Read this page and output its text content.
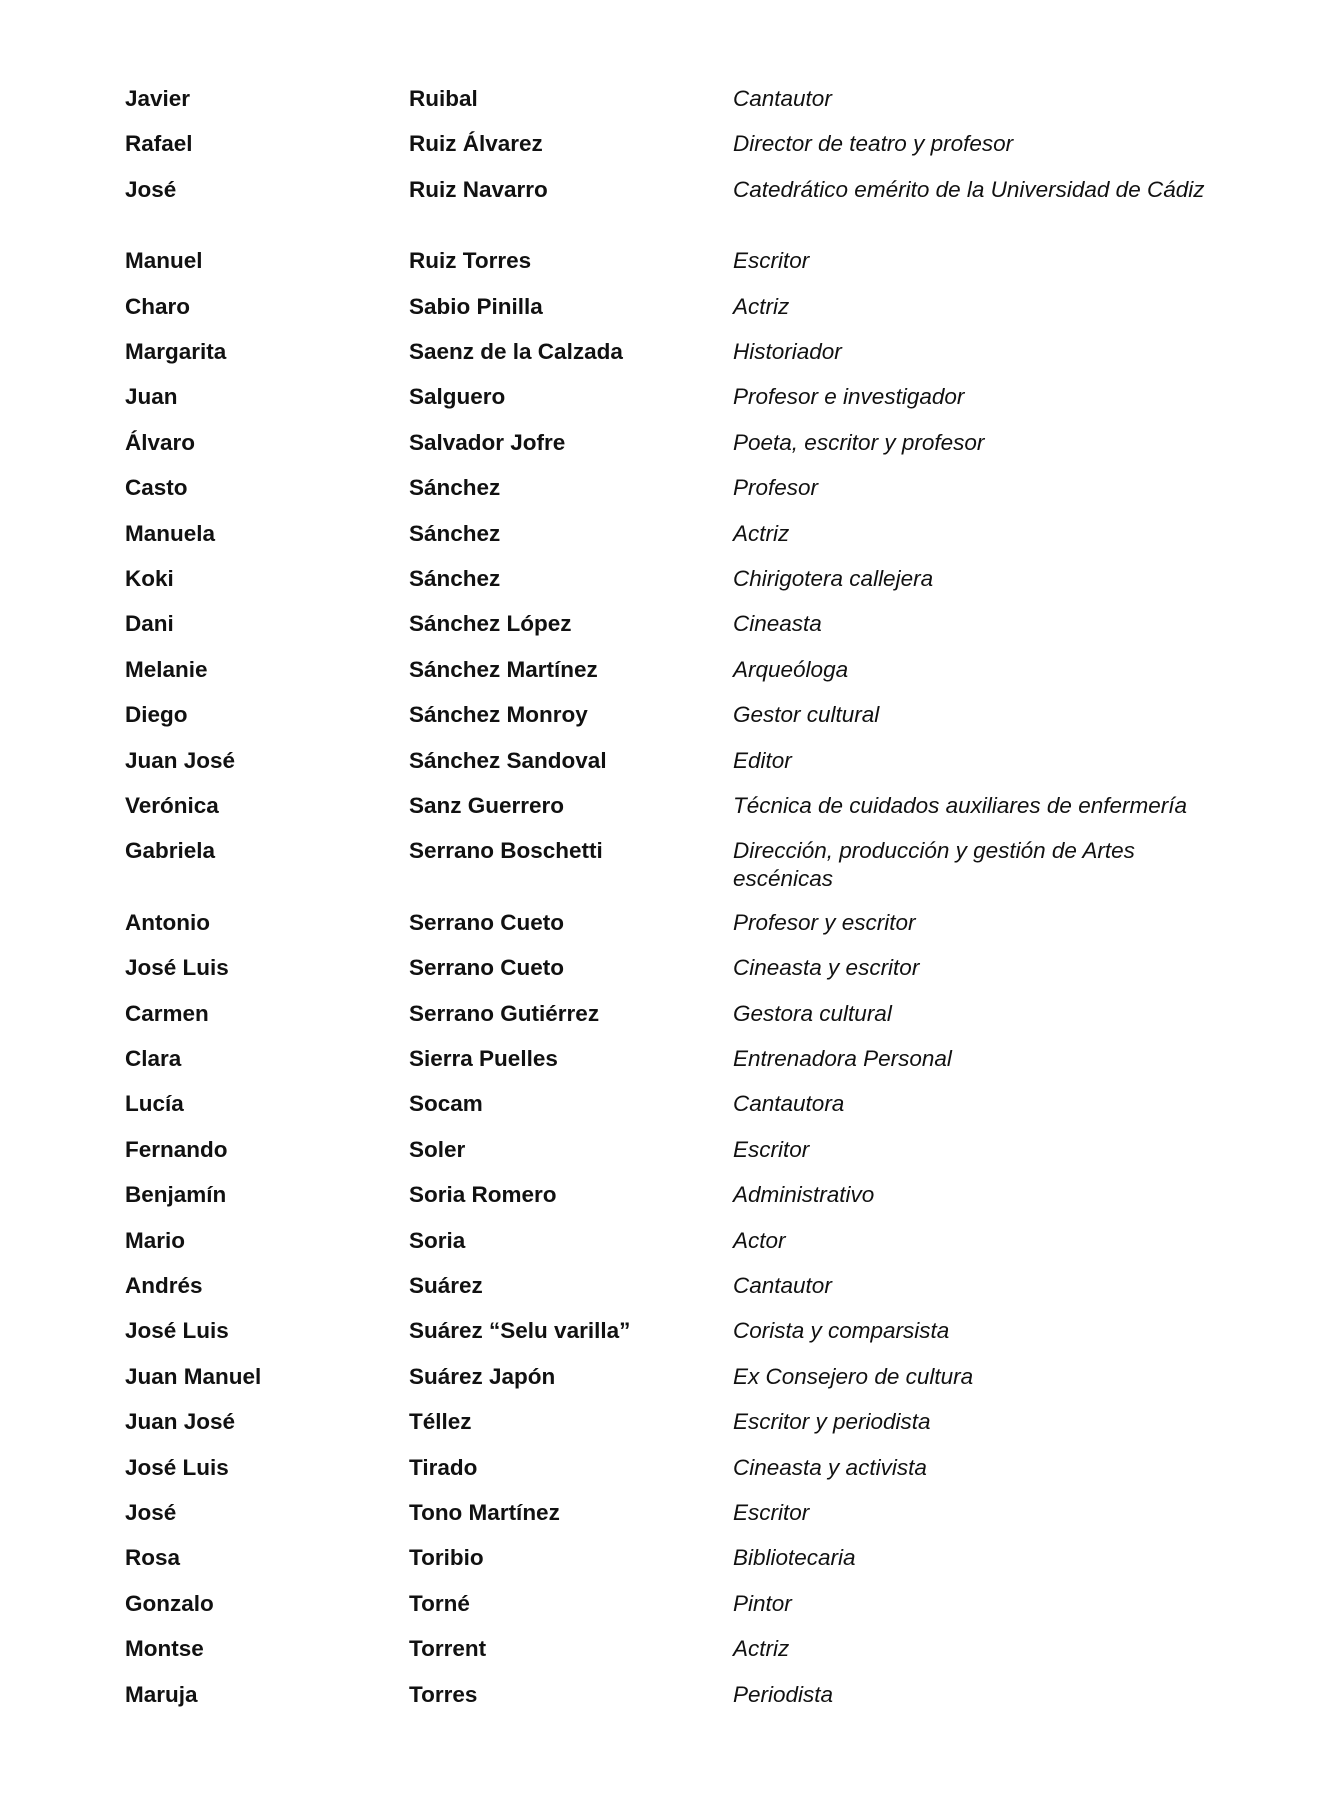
Javier	Ruibal	Cantautor
Rafael	Ruiz Álvarez	Director de teatro y profesor
José	Ruiz Navarro	Catedrático emérito de la Universidad de Cádiz
Manuel	Ruiz Torres	Escritor
Charo	Sabio Pinilla	Actriz
Margarita	Saenz de la Calzada	Historiador
Juan	Salguero	Profesor e investigador
Álvaro	Salvador Jofre	Poeta, escritor y profesor
Casto	Sánchez	Profesor
Manuela	Sánchez	Actriz
Koki	Sánchez	Chirigotera callejera
Dani	Sánchez López	Cineasta
Melanie	Sánchez Martínez	Arqueóloga
Diego	Sánchez Monroy	Gestor cultural
Juan José	Sánchez Sandoval	Editor
Verónica	Sanz Guerrero	Técnica de cuidados auxiliares de enfermería
Gabriela	Serrano Boschetti	Dirección, producción y gestión de Artes escénicas
Antonio	Serrano Cueto	Profesor y escritor
José Luis	Serrano Cueto	Cineasta y escritor
Carmen	Serrano Gutiérrez	Gestora cultural
Clara	Sierra Puelles	Entrenadora Personal
Lucía	Socam	Cantautora
Fernando	Soler	Escritor
Benjamín	Soria Romero	Administrativo
Mario	Soria	Actor
Andrés	Suárez	Cantautor
José Luis	Suárez “Selu varilla”	Corista y comparsista
Juan Manuel	Suárez Japón	Ex Consejero de cultura
Juan José	Téllez	Escritor y periodista
José Luis	Tirado	Cineasta y activista
José	Tono Martínez	Escritor
Rosa	Toribio	Bibliotecaria
Gonzalo	Torné	Pintor
Montse	Torrent	Actriz
Maruja	Torres	Periodista
